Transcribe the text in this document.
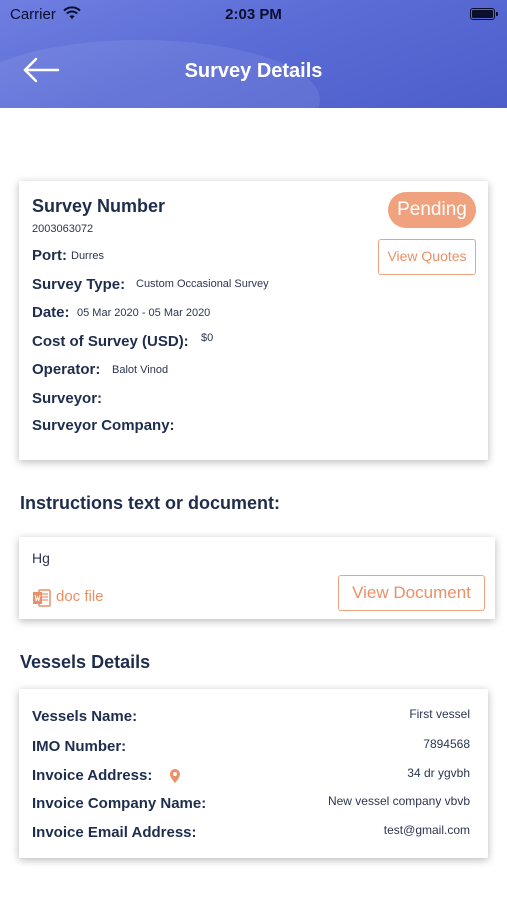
Carrier	2:03 PM
Survey Details
Survey Number
2003063072
Pending
View Quotes
Port: Durres
Survey Type: Custom Occasional Survey
Date: 05 Mar 2020 - 05 Mar 2020
Cost of Survey (USD): $0
Operator: Balot Vinod
Surveyor:
Surveyor Company:
Instructions text or document:
Hg
doc file	View Document
Vessels Details
Vessels Name:	First vessel
IMO Number:	7894568
Invoice Address:	34 dr ygvbh
Invoice Company Name:	New vessel company vbvb
Invoice Email Address:	test@gmail.com
